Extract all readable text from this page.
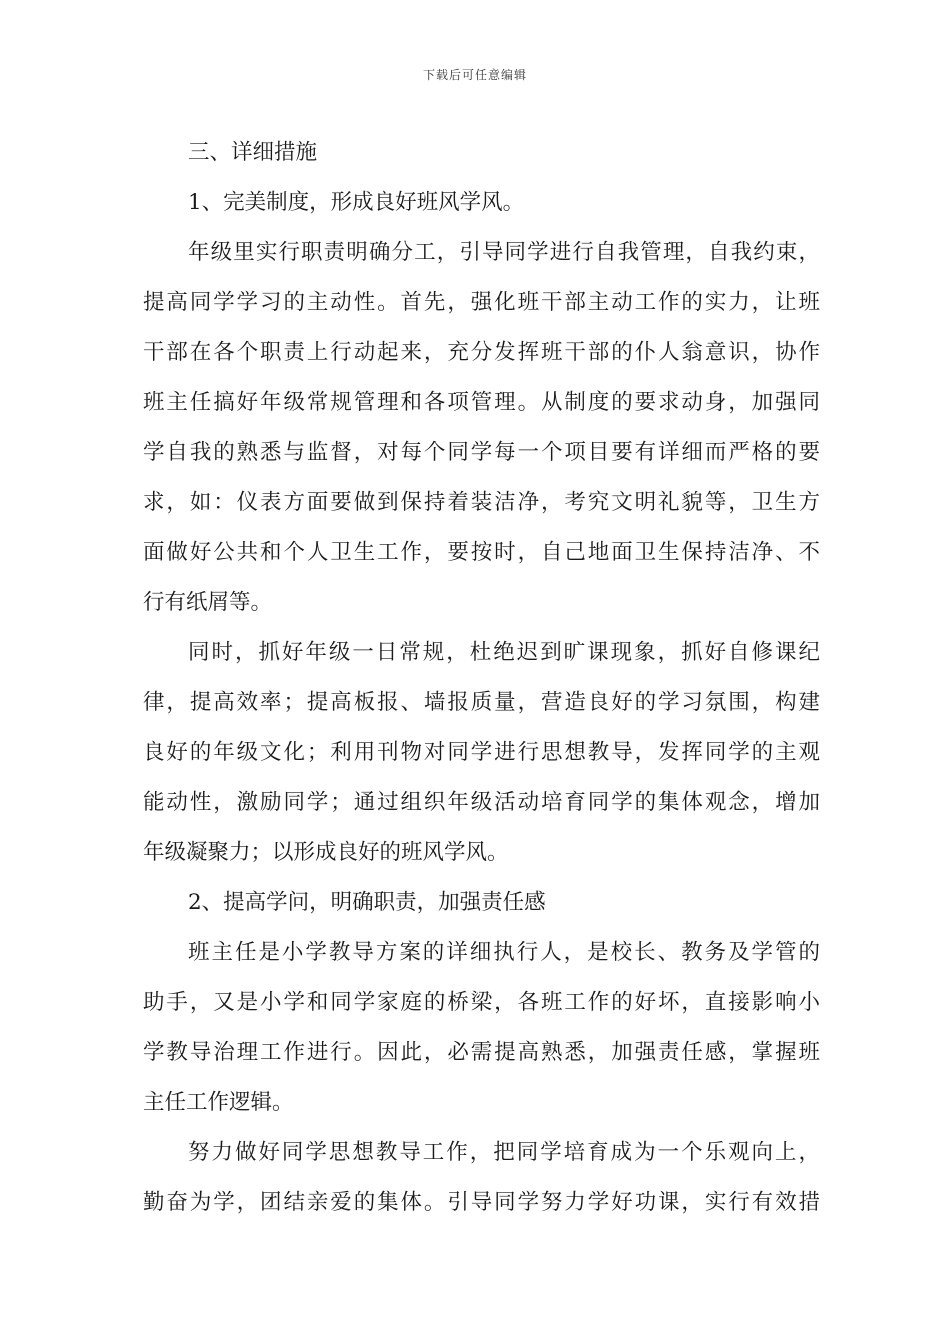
下载后可任意编辑
三、详细措施
1、完美制度，形成良好班风学风。
年级里实行职责明确分工，引导同学进行自我管理，自我约束，
提高同学学习的主动性。首先，强化班干部主动工作的实力，让班
干部在各个职责上行动起来，充分发挥班干部的仆人翁意识，协作
班主任搞好年级常规管理和各项管理。从制度的要求动身，加强同
学自我的熟悉与监督，对每个同学每一个项目要有详细而严格的要
求，如：仪表方面要做到保持着装洁净，考究文明礼貌等，卫生方
面做好公共和个人卫生工作，要按时，自己地面卫生保持洁净、不
行有纸屑等。
同时，抓好年级一日常规，杜绝迟到旷课现象，抓好自修课纪
律，提高效率；提高板报、墙报质量，营造良好的学习氛围，构建
良好的年级文化；利用刊物对同学进行思想教导，发挥同学的主观
能动性，激励同学；通过组织年级活动培育同学的集体观念，增加
年级凝聚力；以形成良好的班风学风。
2、提高学问，明确职责，加强责任感
班主任是小学教导方案的详细执行人，是校长、教务及学管的
助手，又是小学和同学家庭的桥梁，各班工作的好坏，直接影响小
学教导治理工作进行。因此，必需提高熟悉，加强责任感，掌握班
主任工作逻辑。
努力做好同学思想教导工作，把同学培育成为一个乐观向上，
勤奋为学，团结亲爱的集体。引导同学努力学好功课，实行有效措
